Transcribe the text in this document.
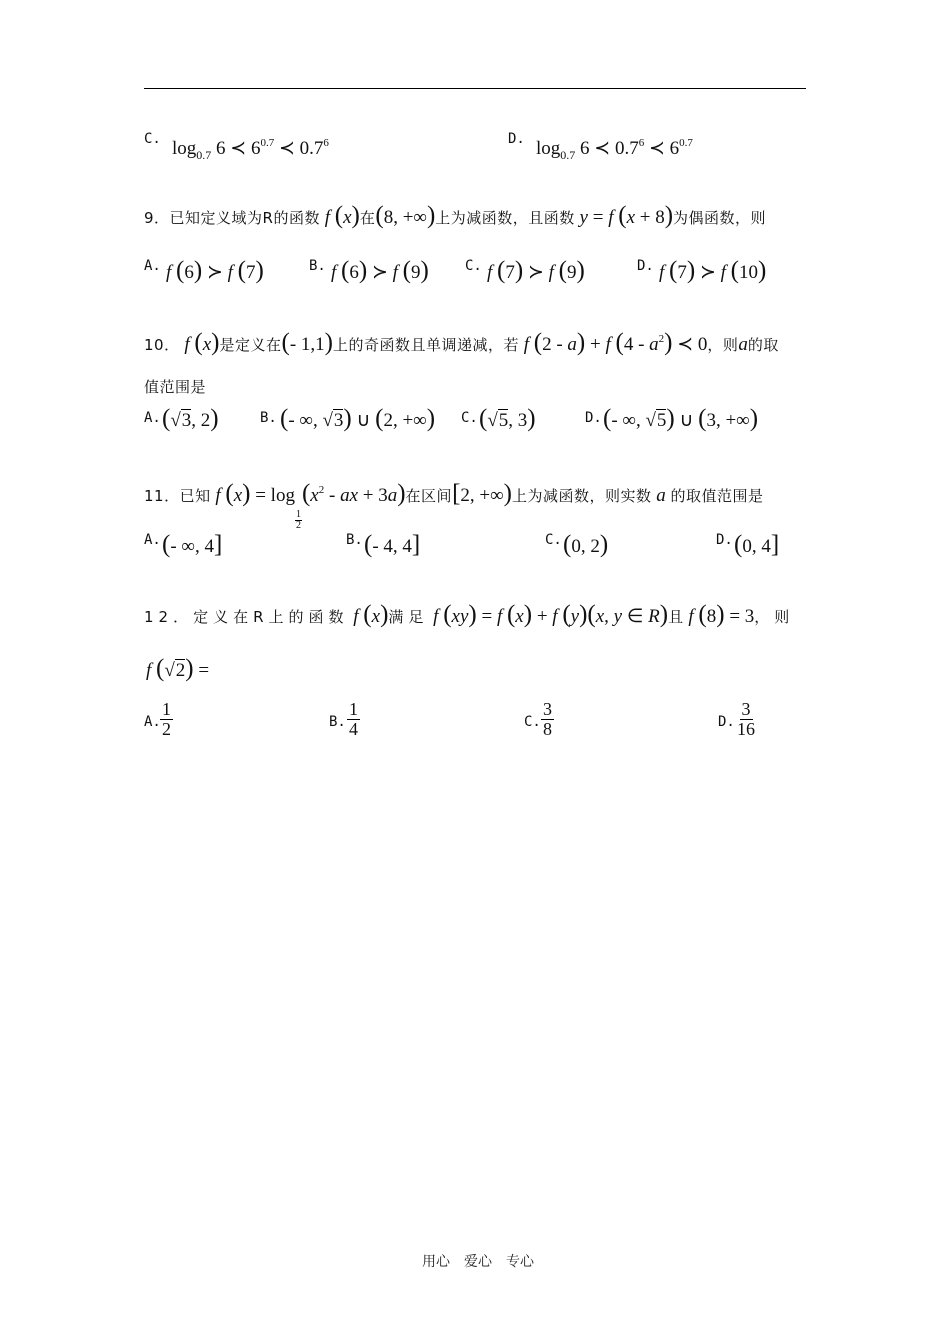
C. $\log_{0.7} 6$ ≺ $6^{0.7}$ ≺ $0.7^6$	D. $\log_{0.7} 6$ ≺ $0.7^6$ ≺ $6^{0.7}$
9．已知定义域为R的函数 f (x)在(8, +∞)上为减函数，且函数 y = f (x + 8)为偶函数，则
A. f (6) ≻ f (7)	B. f (6) ≻ f (9)	C. f (7) ≻ f (9)	D. f (7) ≻ f (10)
10． f (x)是定义在(- 1,1)上的奇函数且单调递减，若 f (2 - a) + f $(4 - a^2)$ ≺ 0，则a的取
值范围是
A. (√3, 2)	B. (- ∞, √3) ∪ (2, +∞) C. (√5, 3)	D. (- ∞, √5) ∪ (3, +∞)
11．已知 f (x) = log
$\frac{1}{2}$
($x^2$ - ax + 3a)在区间[2, +∞)上为减函数，则实数 a 的取值范围是
A. (- ∞, 4]	B. (- 4, 4]	C. (0, 2)	D. (0, 4]
12．定义在R上的函数 f (x)满足 f (xy) = f (x) + f (y)(x, y ∈ R)且 f (8) = 3，则
f (√2) =
A. $\frac{1}{2}$	B. $\frac{1}{4}$	C. $\frac{3}{8}$	D. $\frac{3}{16}$
用心　爱心　专心
